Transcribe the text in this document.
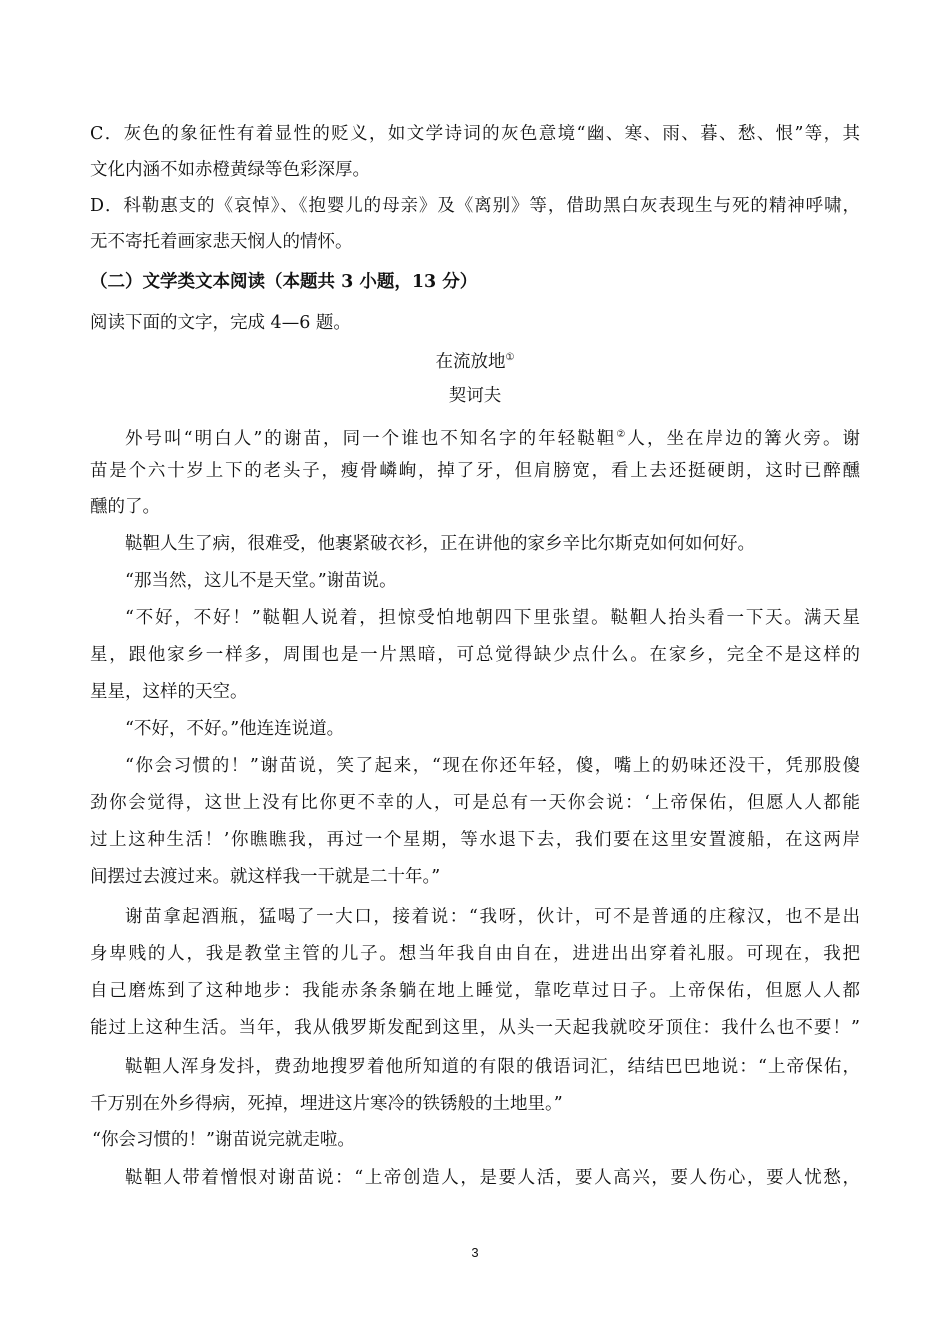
C．灰色的象征性有着显性的贬义，如文学诗词的灰色意境“幽、寒、雨、暮、愁、恨”等，其
文化内涵不如赤橙黄绿等色彩深厚。
D．科勒惠支的《哀悼》、《抱婴儿的母亲》及《离别》等，借助黑白灰表现生与死的精神呼啸，
无不寄托着画家悲天悯人的情怀。
（二）文学类文本阅读（本题共 3 小题，13 分）
阅读下面的文字，完成 4—6 题。
在流放地①
契诃夫
外号叫“明白人”的谢苗，同一个谁也不知名字的年轻鞑靼②人，坐在岸边的篝火旁。谢
苗是个六十岁上下的老头子，瘦骨嶙峋，掉了牙，但肩膀宽，看上去还挺硬朗，这时已醉醺
醺的了。
鞑靼人生了病，很难受，他裹紧破衣衫，正在讲他的家乡辛比尔斯克如何如何好。
“那当然，这儿不是天堂。”谢苗说。
“不好，不好！”鞑靼人说着，担惊受怕地朝四下里张望。鞑靼人抬头看一下天。满天星
星，跟他家乡一样多，周围也是一片黑暗，可总觉得缺少点什么。在家乡，完全不是这样的
星星，这样的天空。
“不好，不好。”他连连说道。
“你会习惯的！”谢苗说，笑了起来，“现在你还年轻，傻，嘴上的奶味还没干，凭那股傻
劲你会觉得，这世上没有比你更不幸的人，可是总有一天你会说：‘上帝保佑，但愿人人都能
过上这种生活！’你瞧瞧我，再过一个星期，等水退下去，我们要在这里安置渡船，在这两岸
间摆过去渡过来。就这样我一干就是二十年。”
谢苗拿起酒瓶，猛喝了一大口，接着说：“我呀，伙计，可不是普通的庄稼汉，也不是出
身卑贱的人，我是教堂主管的儿子。想当年我自由自在，进进出出穿着礼服。可现在，我把
自己磨炼到了这种地步：我能赤条条躺在地上睡觉，靠吃草过日子。上帝保佑，但愿人人都
能过上这种生活。当年，我从俄罗斯发配到这里，从头一天起我就咬牙顶住：我什么也不要！”
鞑靼人浑身发抖，费劲地搜罗着他所知道的有限的俄语词汇，结结巴巴地说：“上帝保佑，
千万别在外乡得病，死掉，埋进这片寒冷的铁锈般的土地里。”
“你会习惯的！”谢苗说完就走啦。
鞑靼人带着憎恨对谢苗说：“上帝创造人，是要人活，要人高兴，要人伤心，要人忧愁，
3
